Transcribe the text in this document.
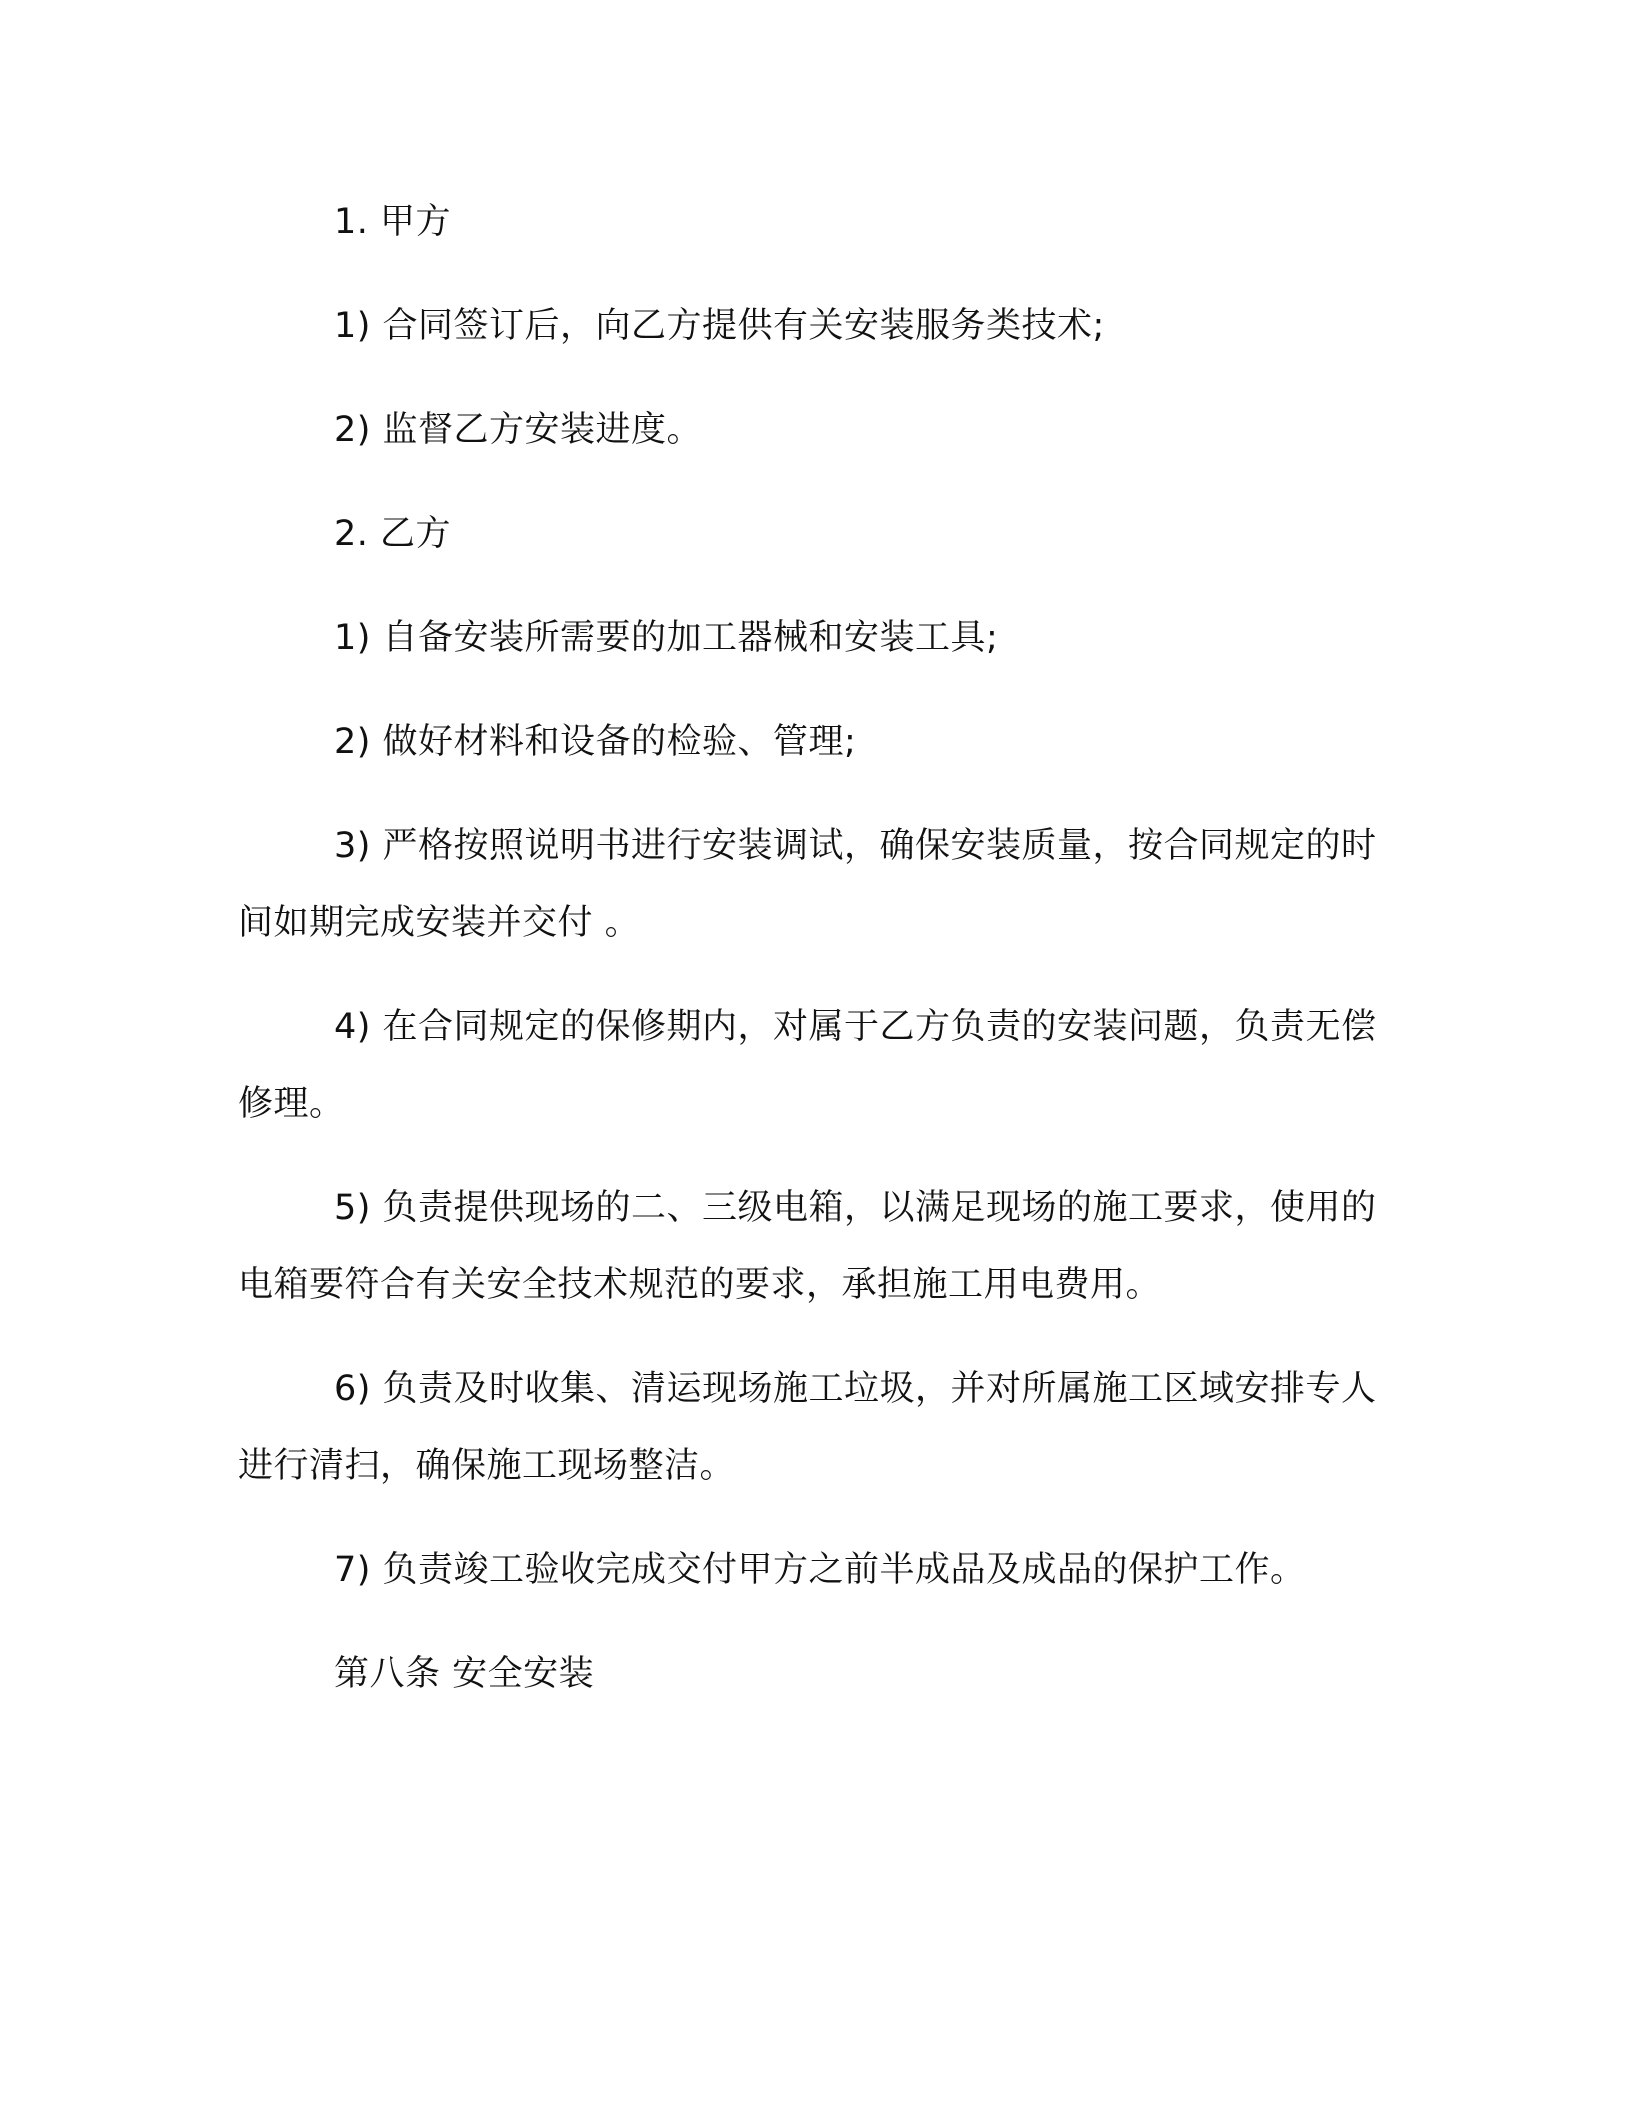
1. 甲方

1) 合同签订后，向乙方提供有关安装服务类技术;

2) 监督乙方安装进度。

2. 乙方

1) 自备安装所需要的加工器械和安装工具;

2) 做好材料和设备的检验、管理;

3) 严格按照说明书进行安装调试，确保安装质量，按合同规定的时间如期完成安装并交付 。

4) 在合同规定的保修期内，对属于乙方负责的安装问题，负责无偿修理。

5) 负责提供现场的二、三级电箱，以满足现场的施工要求，使用的电箱要符合有关安全技术规范的要求，承担施工用电费用。

6) 负责及时收集、清运现场施工垃圾，并对所属施工区域安排专人进行清扫，确保施工现场整洁。

7) 负责竣工验收完成交付甲方之前半成品及成品的保护工作。

第八条 安全安装
